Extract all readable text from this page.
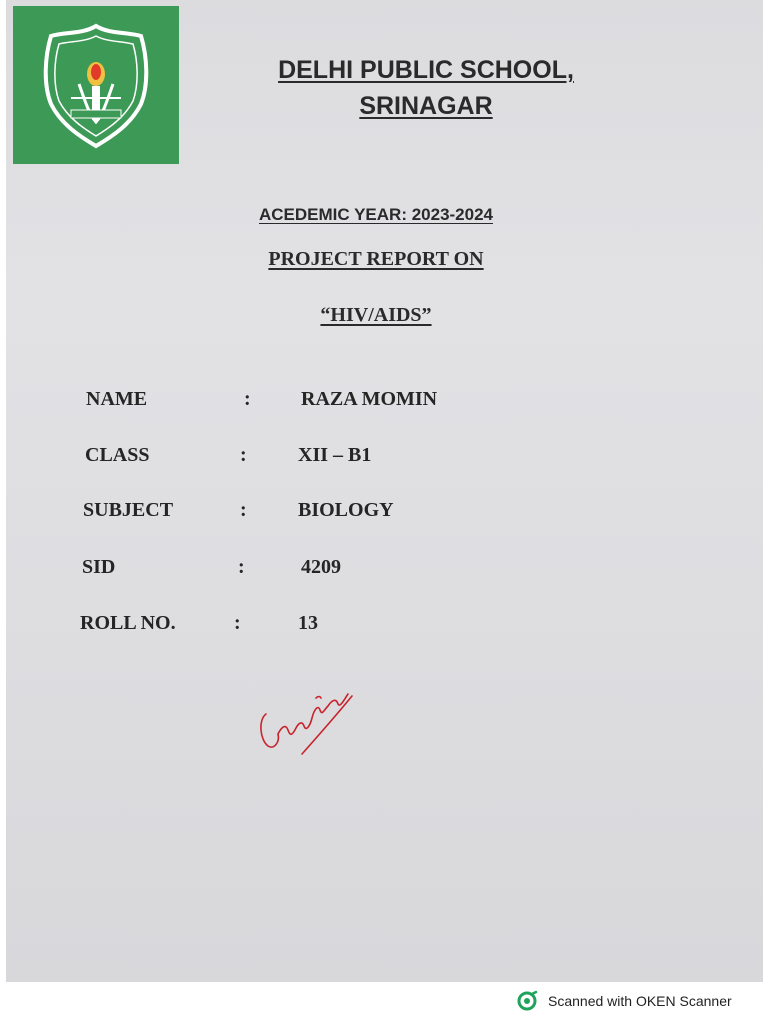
DELHI PUBLIC SCHOOL,
SRINAGAR
ACEDEMIC YEAR: 2023-2024
PROJECT REPORT ON
“HIV/AIDS”
NAME	:	RAZA MOMIN
CLASS	:	XII – B1
SUBJECT	:	BIOLOGY
SID	:	4209
ROLL NO.	:	13
Scanned with OKEN Scanner
